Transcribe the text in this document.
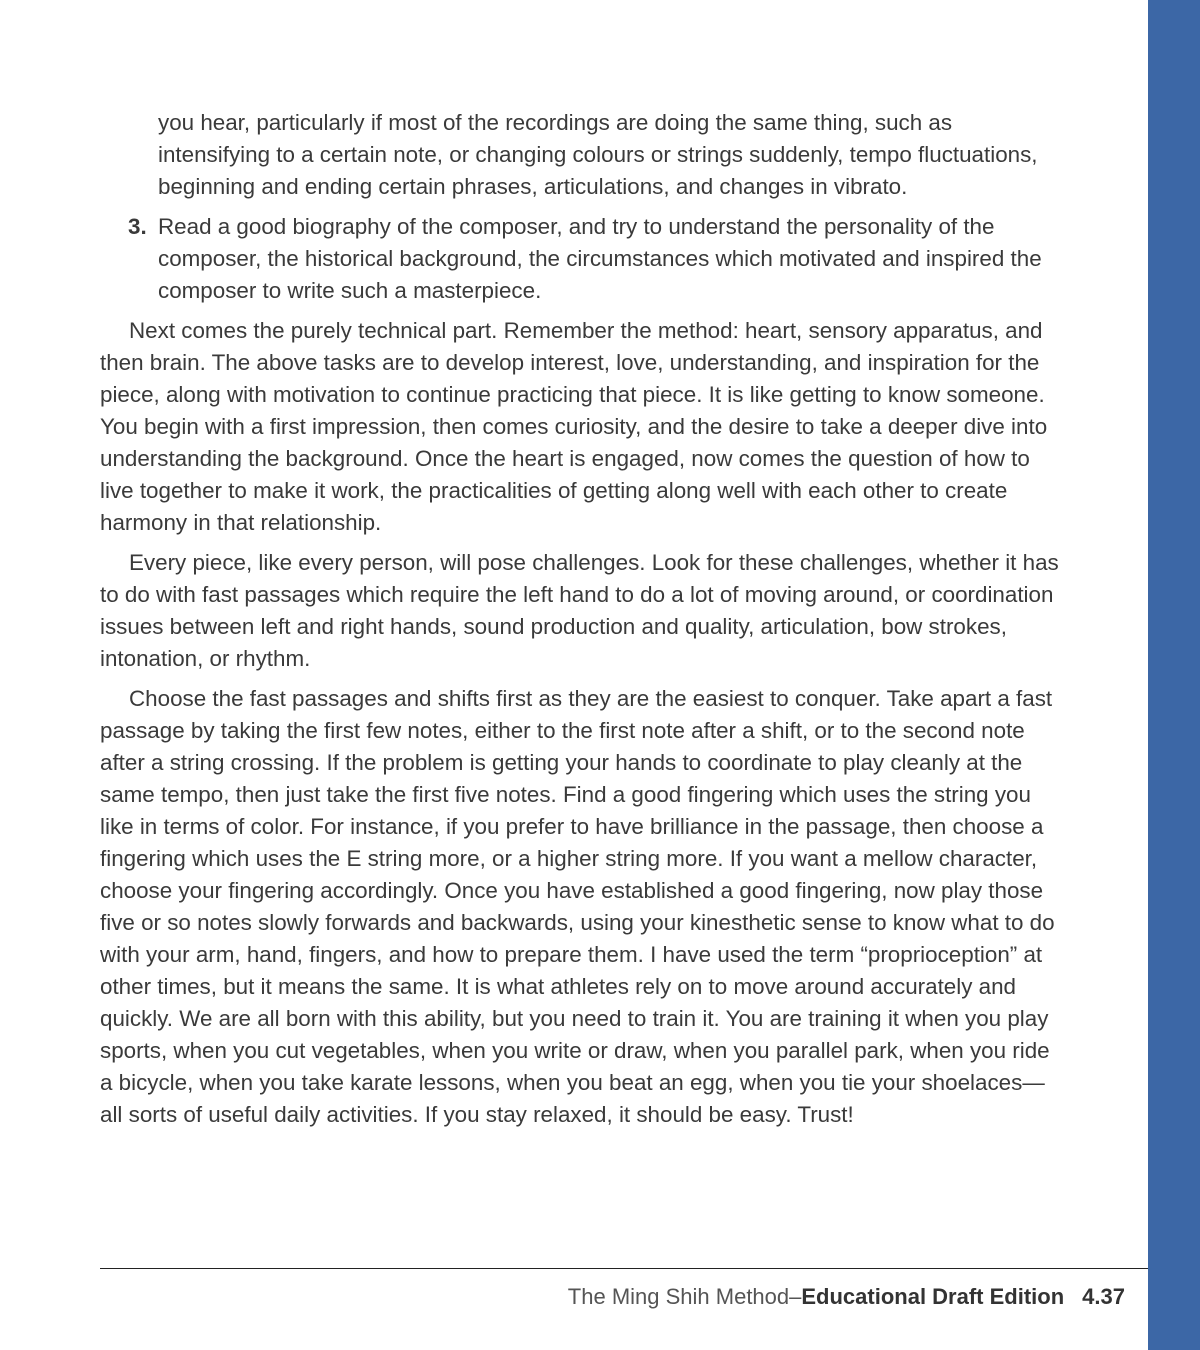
you hear, particularly if most of the recordings are doing the same thing, such as intensifying to a certain note, or changing colours or strings suddenly, tempo fluctuations, beginning and ending certain phrases, articulations, and changes in vibrato.

3. Read a good biography of the composer, and try to understand the personality of the composer, the historical background, the circumstances which motivated and inspired the composer to write such a masterpiece.

Next comes the purely technical part. Remember the method: heart, sensory apparatus, and then brain. The above tasks are to develop interest, love, understanding, and inspiration for the piece, along with motivation to continue practicing that piece. It is like getting to know someone. You begin with a first impression, then comes curiosity, and the desire to take a deeper dive into understanding the background. Once the heart is engaged, now comes the question of how to live together to make it work, the practicalities of getting along well with each other to create harmony in that relationship.

Every piece, like every person, will pose challenges. Look for these challenges, whether it has to do with fast passages which require the left hand to do a lot of moving around, or coordination issues between left and right hands, sound production and quality, articulation, bow strokes, intonation, or rhythm.

Choose the fast passages and shifts first as they are the easiest to conquer. Take apart a fast passage by taking the first few notes, either to the first note after a shift, or to the second note after a string crossing. If the problem is getting your hands to coordinate to play cleanly at the same tempo, then just take the first five notes. Find a good fingering which uses the string you like in terms of color. For instance, if you prefer to have brilliance in the passage, then choose a fingering which uses the E string more, or a higher string more. If you want a mellow character, choose your fingering accordingly. Once you have established a good fingering, now play those five or so notes slowly forwards and backwards, using your kinesthetic sense to know what to do with your arm, hand, fingers, and how to prepare them. I have used the term “proprioception” at other times, but it means the same. It is what athletes rely on to move around accurately and quickly. We are all born with this ability, but you need to train it. You are training it when you play sports, when you cut vegetables, when you write or draw, when you parallel park, when you ride a bicycle, when you take karate lessons, when you beat an egg, when you tie your shoelaces—all sorts of useful daily activities. If you stay relaxed, it should be easy. Trust!

The Ming Shih Method–Educational Draft Edition 4.37
